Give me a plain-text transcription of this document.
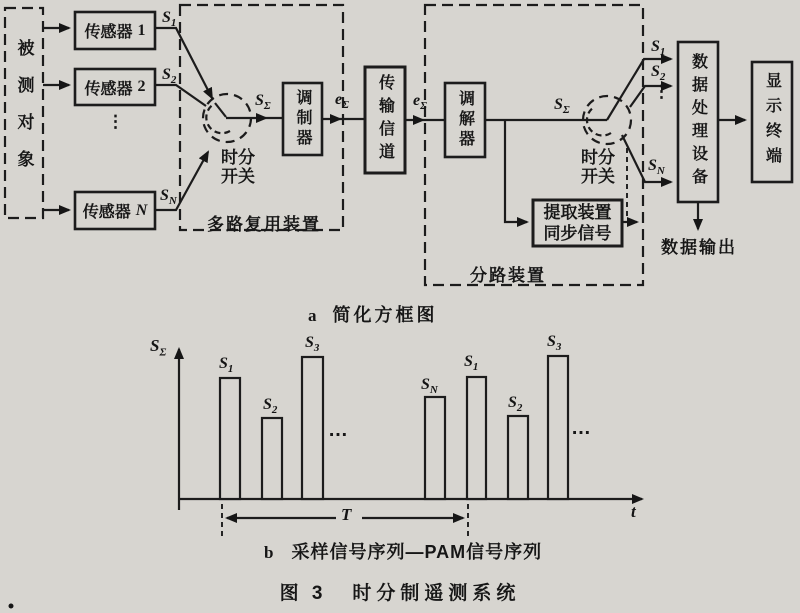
被测对象
传感器 1
传感器 2
传感器 N
⋮
$S_1$
$S_2$
$S_N$
时分
开关
多路复用装置
分路装置
$S_\Sigma$	$e_\Sigma$	$e_\Sigma$	$S_\Sigma$
调制器	传输信道	调解器
时分
开关
提取装置
同步信号
$S_1$
$S_2$
⋮
$S_N$ 数据处理设备	显示终端
数据输出
a 简化方框图
$S_\Sigma$
$S_1$
$S_2$
$S_3$
…
$S_N$
$S_1$
$S_2$
$S_3$
…
T	t
b 采样信号序列—PAM信号序列
图 3 时分制遥测系统
